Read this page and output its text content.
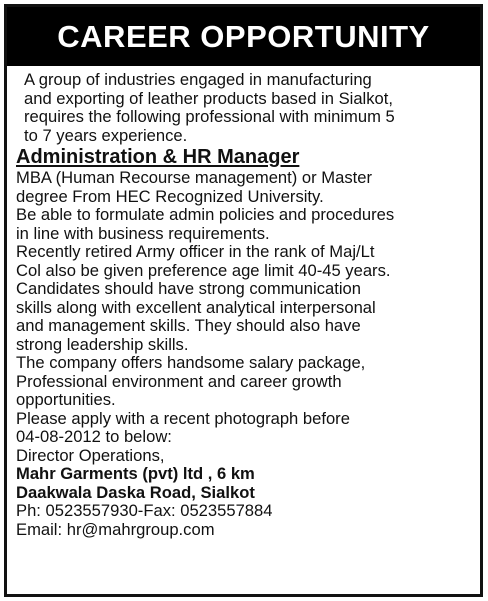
CAREER OPPORTUNITY
A group of industries engaged in manufacturing
and exporting of leather products based in Sialkot,
requires the following professional with minimum 5
to 7 years experience.
Administration & HR Manager
MBA (Human Recourse management) or Master
degree From HEC Recognized University.
Be able to formulate admin policies and procedures
in line with business requirements.
Recently retired Army officer in the rank of Maj/Lt
Col also be given preference age limit 40-45 years.
Candidates should have strong communication
skills along with excellent analytical interpersonal
and management skills. They should also have
strong leadership skills.
The company offers handsome salary package,
Professional environment and career growth
opportunities.
Please apply with a recent photograph before
04-08-2012 to below:
Director Operations,
Mahr Garments (pvt) ltd , 6 km
Daakwala Daska Road, Sialkot
Ph: 0523557930-Fax: 0523557884
Email: hr@mahrgroup.com
